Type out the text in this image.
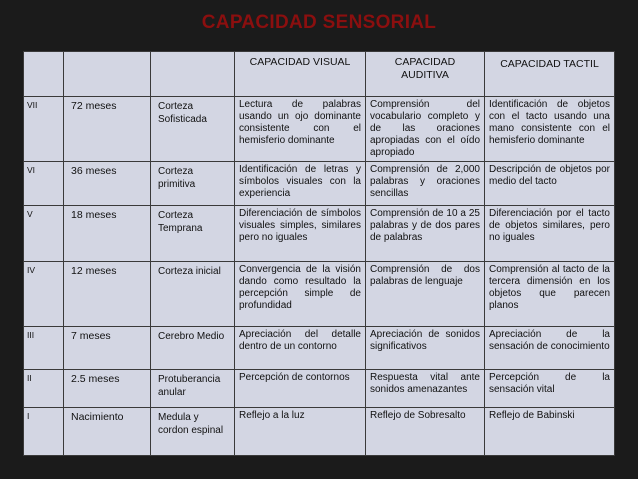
CAPACIDAD SENSORIAL
			CAPACIDAD VISUAL	CAPACIDAD AUDITIVA	CAPACIDAD TACTIL
VII	72 meses	Corteza Sofisticada	Lectura de palabras usando un ojo dominante consistente con el hemisferio dominante	Comprensión del vocabulario completo y de las oraciones apropiadas con el oído apropiado	Identificación de objetos con el tacto usando una mano consistente con el hemisferio dominante
VI	36 meses	Corteza primitiva	Identificación de letras y símbolos visuales con la experiencia	Comprensión de 2,000 palabras y oraciones sencillas	Descripción de objetos por medio del tacto
V	18 meses	Corteza Temprana	Diferenciación de símbolos visuales simples, similares pero no iguales	Comprensión de 10 a 25 palabras y de dos pares de palabras	Diferenciación por el tacto de objetos similares, pero no iguales
IV	12 meses	Corteza inicial	Convergencia de la visión dando como resultado la percepción simple de profundidad	Comprensión de dos palabras de lenguaje	Comprensión al tacto de la tercera dimensión en los objetos que parecen planos
III	7 meses	Cerebro Medio	Apreciación del detalle dentro de un contorno	Apreciación de sonidos significativos	Apreciación de la sensación de conocimiento
II	2.5 meses	Protuberancia anular	Percepción de contornos	Respuesta vital ante sonidos amenazantes	Percepción de la sensación vital
I	Nacimiento	Medula y cordon espinal	Reflejo a la luz	Reflejo de Sobresalto	Reflejo de Babinski
